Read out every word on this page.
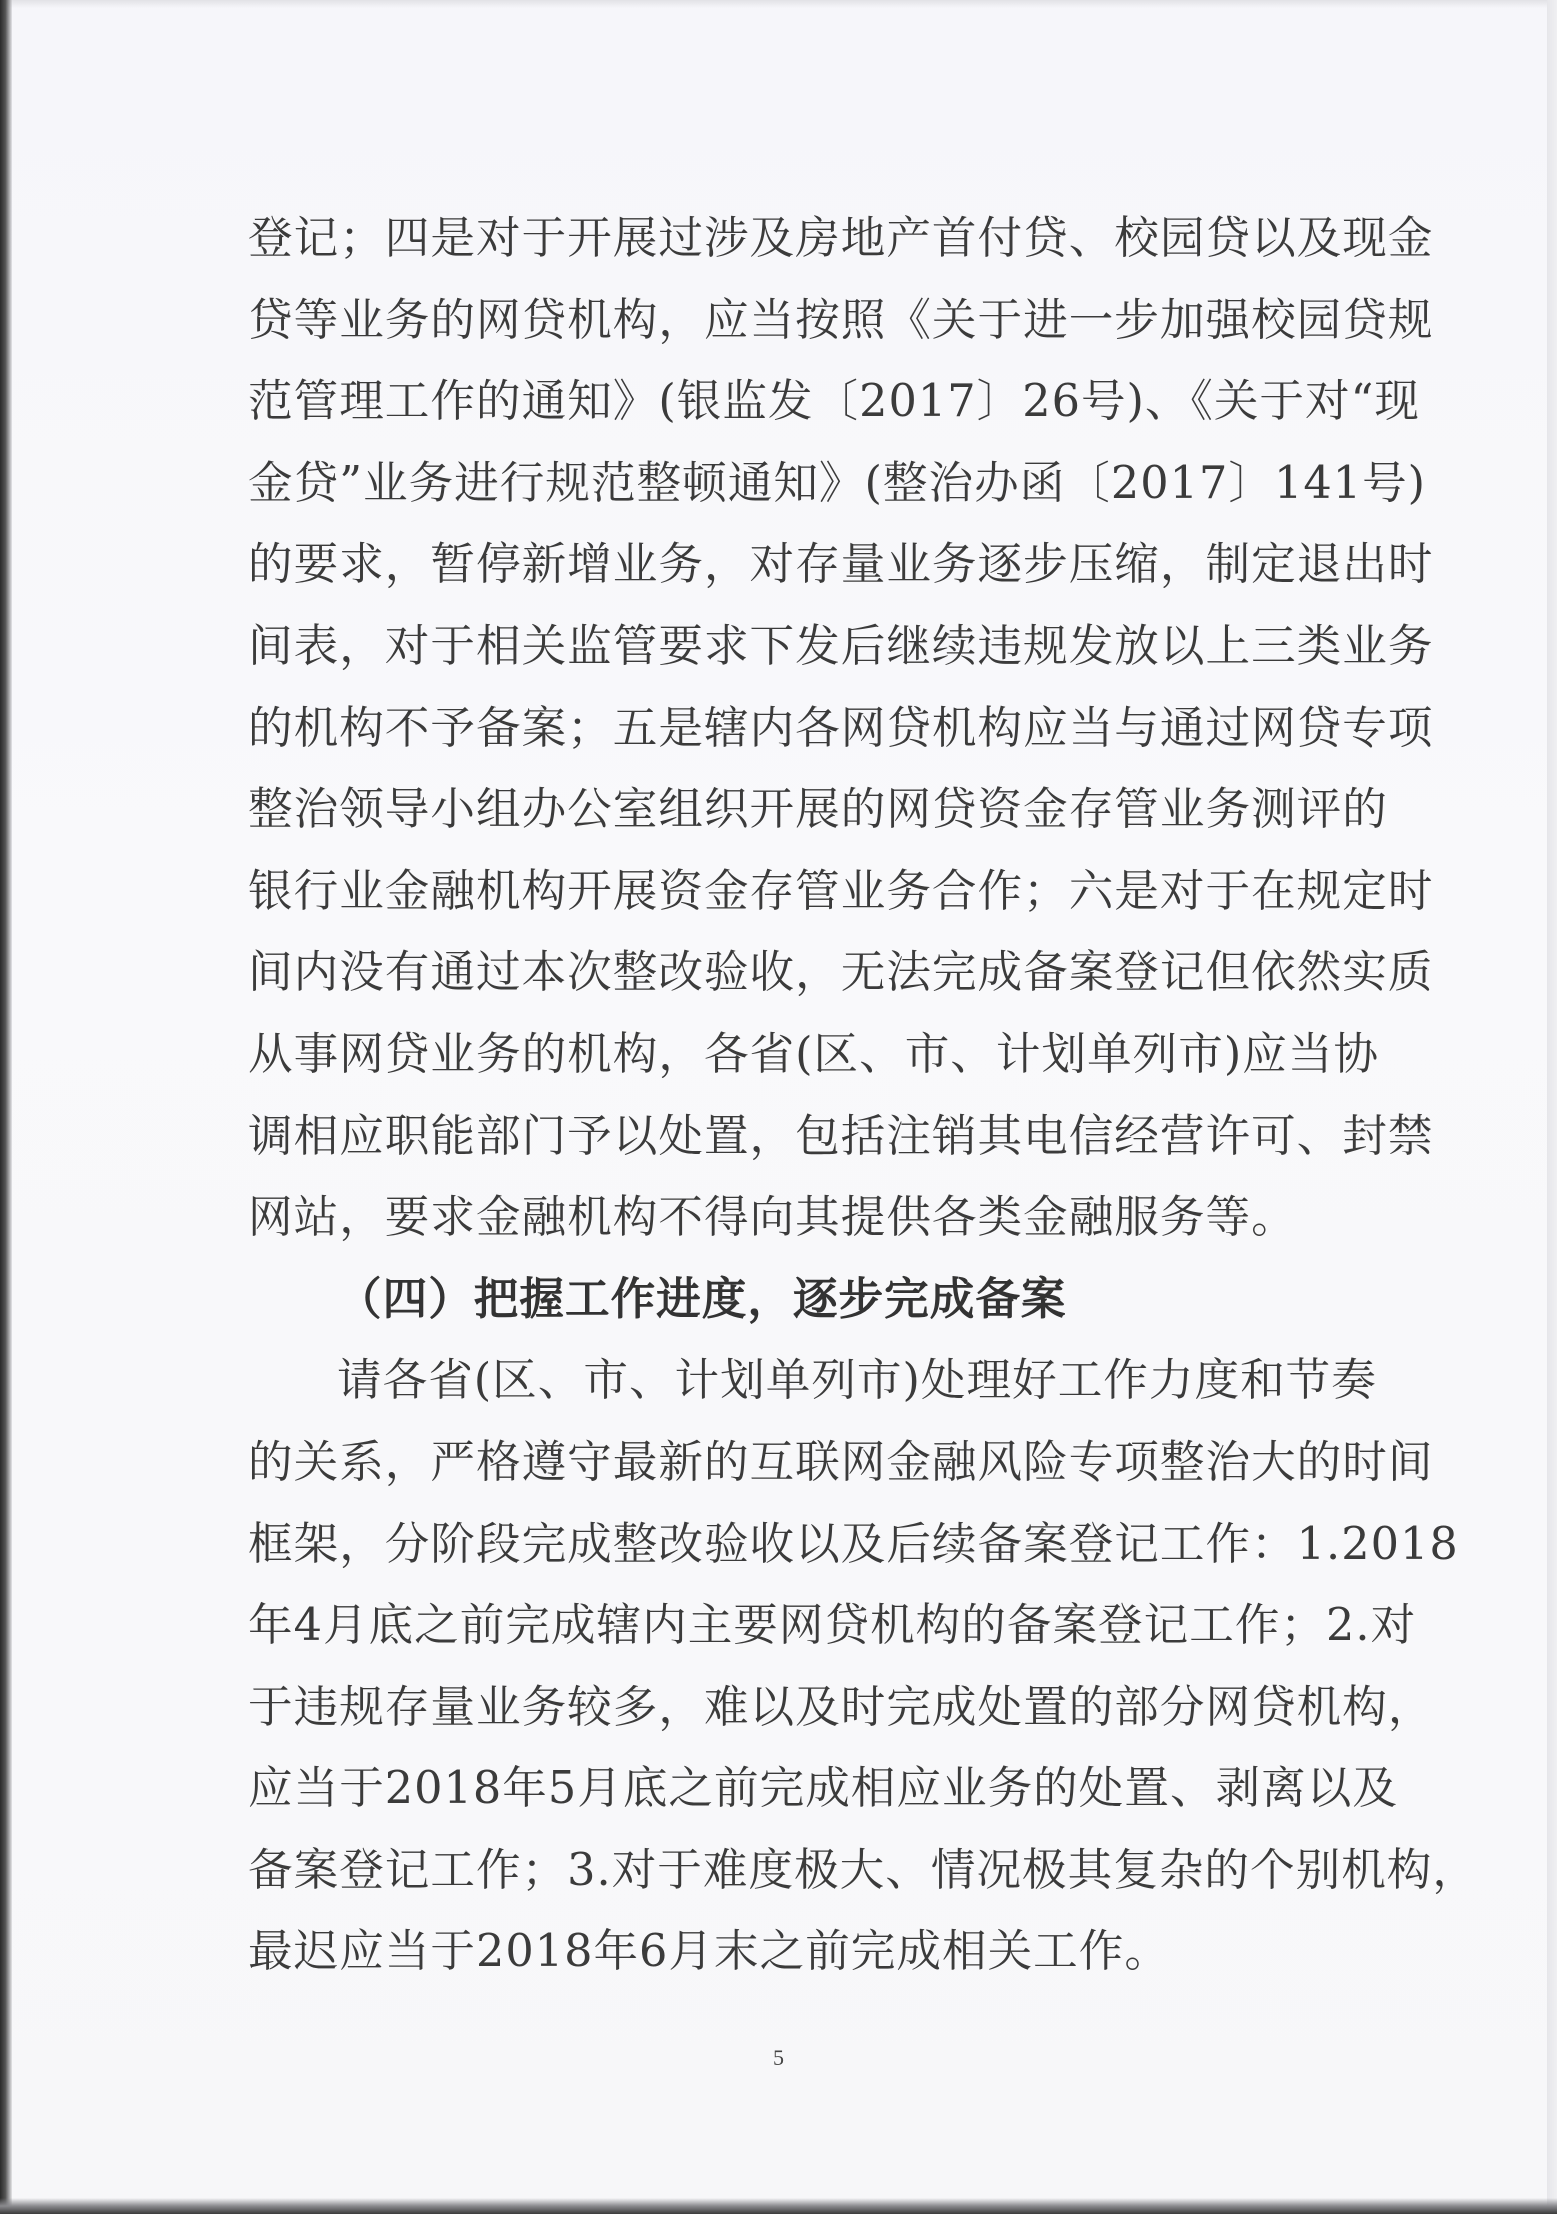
登记；四是对于开展过涉及房地产首付贷、校园贷以及现金
贷等业务的网贷机构，应当按照《关于进一步加强校园贷规
范管理工作的通知》(银监发〔2017〕26号)、《关于对“现
金贷”业务进行规范整顿通知》(整治办函〔2017〕141号)
的要求，暂停新增业务，对存量业务逐步压缩，制定退出时
间表，对于相关监管要求下发后继续违规发放以上三类业务
的机构不予备案；五是辖内各网贷机构应当与通过网贷专项
整治领导小组办公室组织开展的网贷资金存管业务测评的
银行业金融机构开展资金存管业务合作；六是对于在规定时
间内没有通过本次整改验收，无法完成备案登记但依然实质
从事网贷业务的机构，各省(区、市、计划单列市)应当协
调相应职能部门予以处置，包括注销其电信经营许可、封禁
网站，要求金融机构不得向其提供各类金融服务等。
（四）把握工作进度，逐步完成备案
请各省(区、市、计划单列市)处理好工作力度和节奏
的关系，严格遵守最新的互联网金融风险专项整治大的时间
框架，分阶段完成整改验收以及后续备案登记工作：1.2018
年4月底之前完成辖内主要网贷机构的备案登记工作；2.对
于违规存量业务较多，难以及时完成处置的部分网贷机构，
应当于2018年5月底之前完成相应业务的处置、剥离以及
备案登记工作；3.对于难度极大、情况极其复杂的个别机构，
最迟应当于2018年6月末之前完成相关工作。
5
